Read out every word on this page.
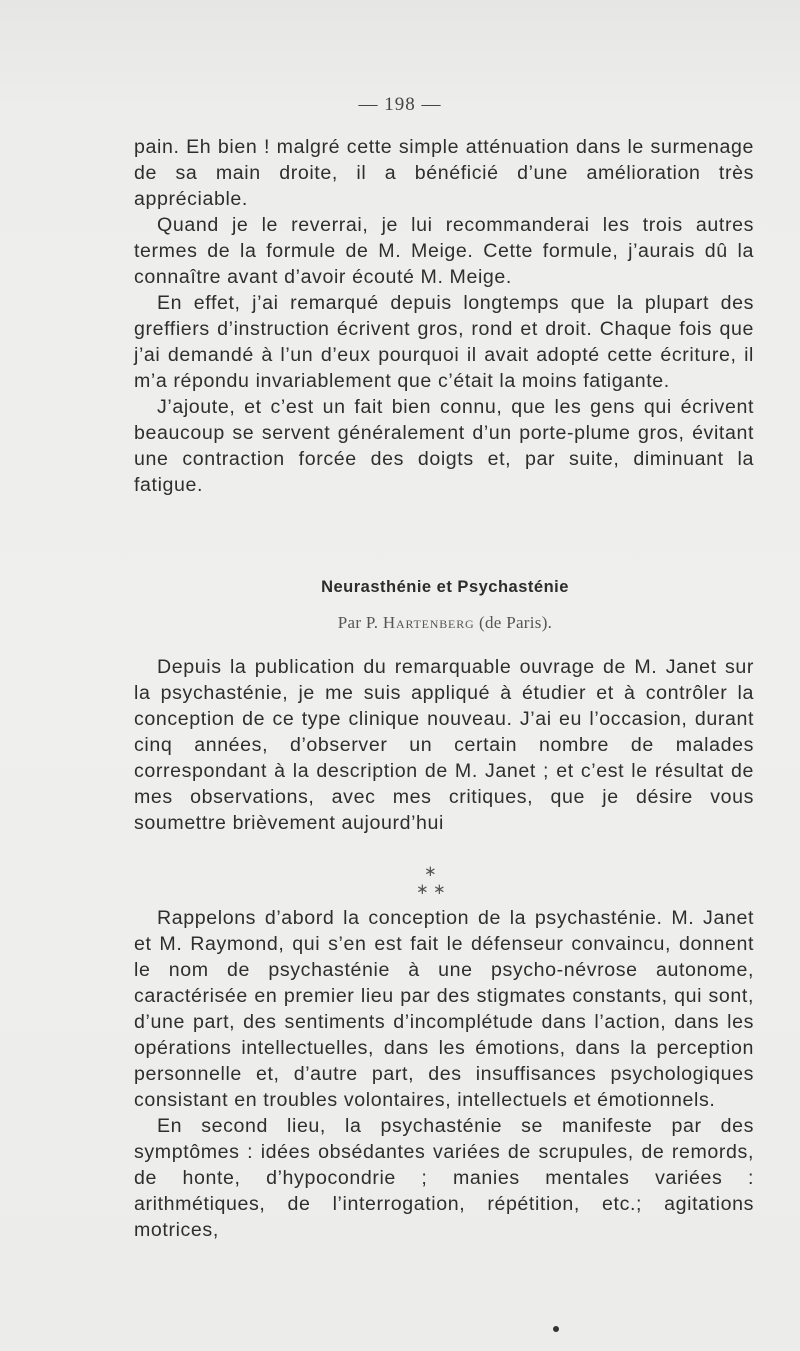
— 198 —

pain. Eh bien ! malgré cette simple atténuation dans le surmenage de sa main droite, il a bénéficié d’une amélioration très appréciable.

Quand je le reverrai, je lui recommanderai les trois autres termes de la formule de M. Meige. Cette formule, j’aurais dû la connaître avant d’avoir écouté M. Meige.

En effet, j’ai remarqué depuis longtemps que la plupart des greffiers d’instruction écrivent gros, rond et droit. Chaque fois que j’ai demandé à l’un d’eux pourquoi il avait adopté cette écriture, il m’a répondu invariablement que c’était la moins fatigante.

J’ajoute, et c’est un fait bien connu, que les gens qui écrivent beaucoup se servent généralement d’un porte-plume gros, évitant une contraction forcée des doigts et, par suite, diminuant la fatigue.

Neurasthénie et Psychasténie
Par P. Hartenberg (de Paris).

Depuis la publication du remarquable ouvrage de M. Janet sur la psychasténie, je me suis appliqué à étudier et à contrôler la conception de ce type clinique nouveau. J’ai eu l’occasion, durant cinq années, d’observer un certain nombre de malades correspondant à la description de M. Janet ; et c’est le résultat de mes observations, avec mes critiques, que je désire vous soumettre brièvement aujourd’hui

∗
∗ ∗

Rappelons d’abord la conception de la psychasténie. M. Janet et M. Raymond, qui s’en est fait le défenseur convaincu, donnent le nom de psychasténie à une psycho-névrose autonome, caractérisée en premier lieu par des stigmates constants, qui sont, d’une part, des sentiments d’incomplétude dans l’action, dans les opérations intellectuelles, dans les émotions, dans la perception personnelle et, d’autre part, des insuffisances psychologiques consistant en troubles volontaires, intellectuels et émotionnels.

En second lieu, la psychasténie se manifeste par des symptômes : idées obsédantes variées de scrupules, de remords, de honte, d’hypocondrie ; manies mentales variées : arithmétiques, de l’interrogation, répétition, etc.; agitations motrices,
